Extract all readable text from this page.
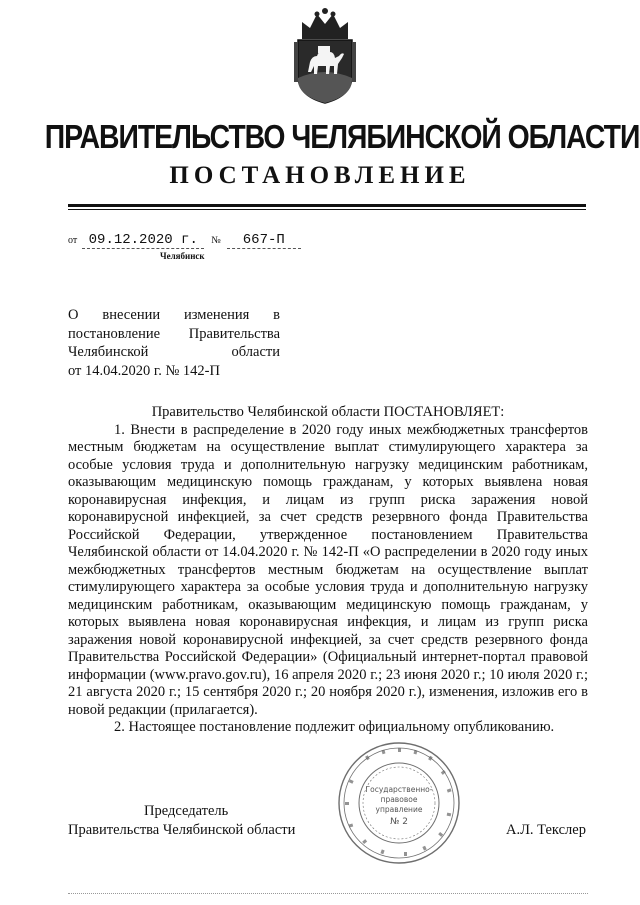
ПРАВИТЕЛЬСТВО ЧЕЛЯБИНСКОЙ ОБЛАСТИ
ПОСТАНОВЛЕНИЕ
от 09.12.2020 г. № 667-П
Челябинск
О внесении изменения в
постановление Правительства
Челябинской области
от 14.04.2020 г. № 142-П

Правительство Челябинской области ПОСТАНОВЛЯЕТ:

1. Внести в распределение в 2020 году иных межбюджетных трансфертов местным бюджетам на осуществление выплат стимулирующего характера за особые условия труда и дополнительную нагрузку медицинским работникам, оказывающим медицинскую помощь гражданам, у которых выявлена новая коронавирусная инфекция, и лицам из групп риска заражения новой коронавирусной инфекцией, за счет средств резервного фонда Правительства Российской Федерации, утвержденное постановлением Правительства Челябинской области от 14.04.2020 г. № 142-П «О распределении в 2020 году иных межбюджетных трансфертов местным бюджетам на осуществление выплат стимулирующего характера за особые условия труда и дополнительную нагрузку медицинским работникам, оказывающим медицинскую помощь гражданам, у которых выявлена новая коронавирусная инфекция, и лицам из групп риска заражения новой коронавирусной инфекцией, за счет средств резервного фонда Правительства Российской Федерации» (Официальный интернет-портал правовой информации (www.pravo.gov.ru), 16 апреля 2020 г.; 23 июня 2020 г.; 10 июля 2020 г.; 21 августа 2020 г.; 15 сентября 2020 г.; 20 ноября 2020 г.), изменения, изложив его в новой редакции (прилагается).

2. Настоящее постановление подлежит официальному опубликованию.

Государственно-
правовое
управление
№ 2
Председатель
Правительства Челябинской области	А.Л. Текслер
